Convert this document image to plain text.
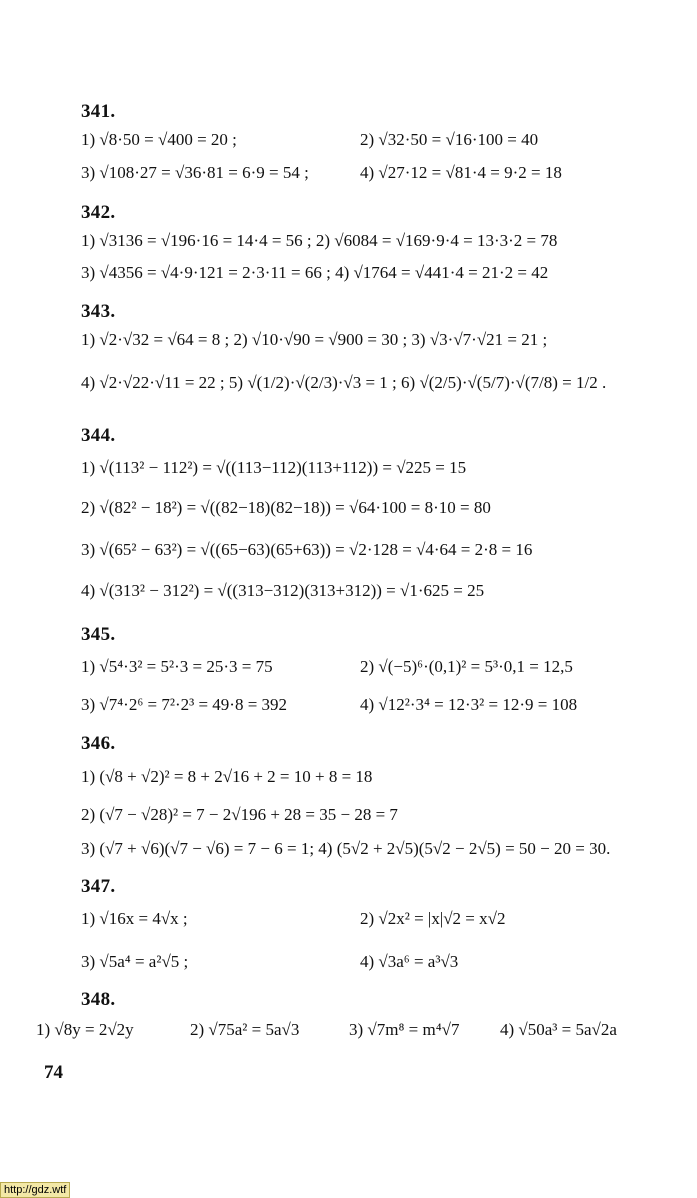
341.
1) √8·50 = √400 = 20 ;	2) √32·50 = √16·100 = 40
3) √108·27 = √36·81 = 6·9 = 54 ;	4) √27·12 = √81·4 = 9·2 = 18
342.
1) √3136 = √196·16 = 14·4 = 56 ; 2) √6084 = √169·9·4 = 13·3·2 = 78
3) √4356 = √4·9·121 = 2·3·11 = 66 ; 4) √1764 = √441·4 = 21·2 = 42
343.
1) √2·√32 = √64 = 8 ; 2) √10·√90 = √900 = 30 ; 3) √3·√7·√21 = 21 ;
4) √2·√22·√11 = 22 ; 5) √(1/2)·√(2/3)·√3 = 1 ; 6) √(2/5)·√(5/7)·√(7/8) = 1/2 .
344.
1) √(113² − 112²) = √((113−112)(113+112)) = √225 = 15
2) √(82² − 18²) = √((82−18)(82−18)) = √64·100 = 8·10 = 80
3) √(65² − 63²) = √((65−63)(65+63)) = √2·128 = √4·64 = 2·8 = 16
4) √(313² − 312²) = √((313−312)(313+312)) = √1·625 = 25
345.
1) √5⁴·3² = 5²·3 = 25·3 = 75	2) √(−5)⁶·(0,1)² = 5³·0,1 = 12,5
3) √7⁴·2⁶ = 7²·2³ = 49·8 = 392	4) √12²·3⁴ = 12·3² = 12·9 = 108
346.
1) (√8 + √2)² = 8 + 2√16 + 2 = 10 + 8 = 18
2) (√7 − √28)² = 7 − 2√196 + 28 = 35 − 28 = 7
3) (√7 + √6)(√7 − √6) = 7 − 6 = 1; 4) (5√2 + 2√5)(5√2 − 2√5) = 50 − 20 = 30.
347.
1) √16x = 4√x ;	2) √2x² = |x|√2 = x√2
3) √5a⁴ = a²√5 ;	4) √3a⁶ = a³√3
348.
1) √8y = 2√2y	2) √75a² = 5a√3	3) √7m⁸ = m⁴√7 4) √50a³ = 5a√2a
74
http://gdz.wtf
